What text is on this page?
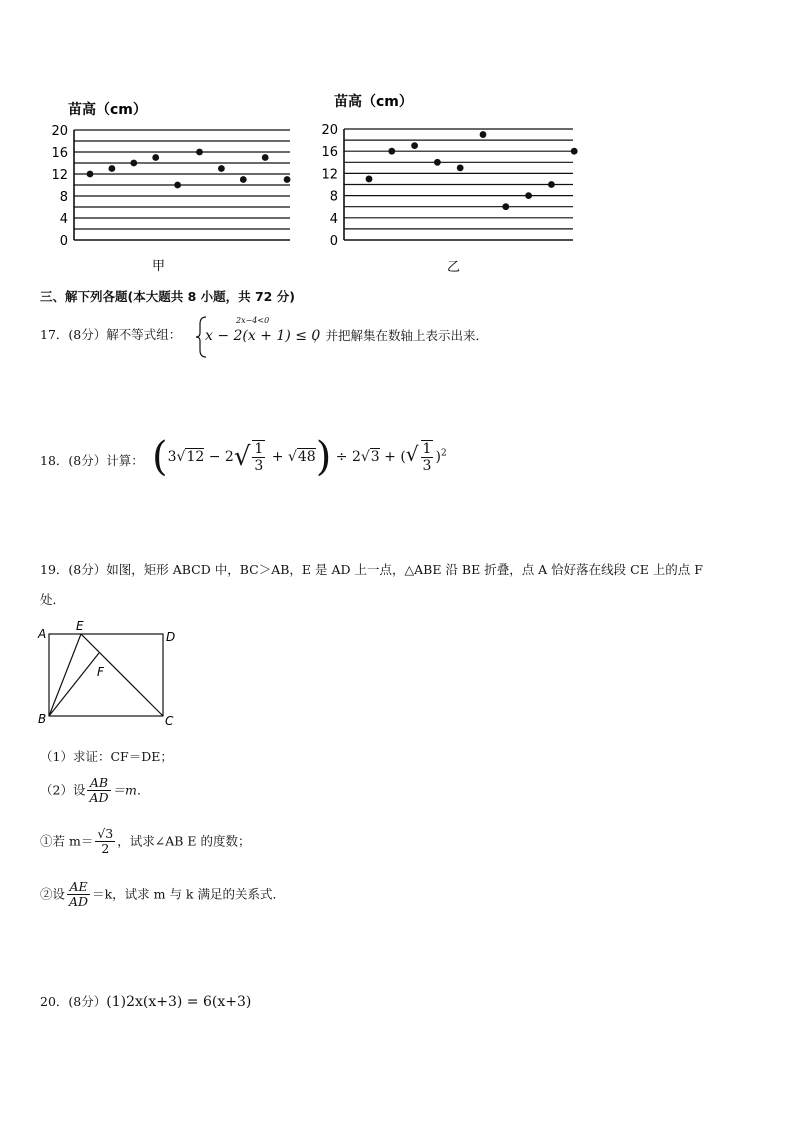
苗高（cm）
0
4
8
12
16
20
甲
苗高（cm）
0
4
8
12
16
20
乙
三、解下列各题(本大题共 8 小题，共 72 分)
17．(8分）解不等式组：
2x−4<0
x − 2(x + 1) ≤ 0
，并把解集在数轴上表示出来．
18．(8分）计算： $(3√12 - 2√ \frac{1}{3} + √48) \div 2√3$ + (√ $\frac{1}{3} )^2$
19．(8分）如图，矩形 ABCD 中，BC＞AB，E 是 AD 上一点，△ABE 沿 BE 折叠，点 A 恰好落在线段 CE 上的点 F
处．
A
E
D
F
B	C
（1）求证：CF＝DE；
（2）设 $\frac{AB}{AD} =m$．
①若 $m= \frac{√3}{2}$ ，试求∠AB E 的度数；
②设 $\frac{AE}{AD} =k$，试求 m 与 k 满足的关系式．
20．(8分）(1)2x(x+3) = 6(x+3)
